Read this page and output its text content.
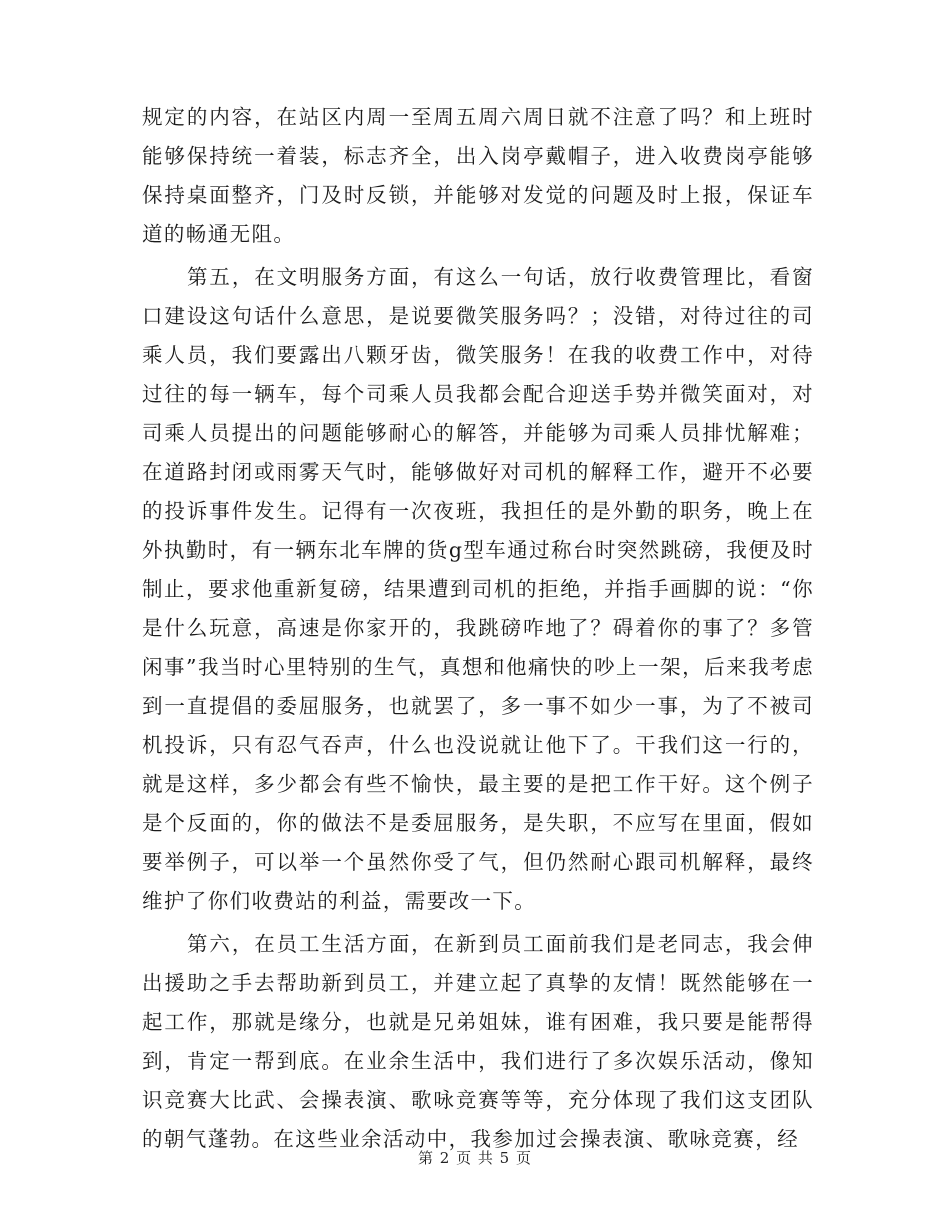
规定的内容，在站区内周一至周五周六周日就不注意了吗？和上班时能够保持统一着装，标志齐全，出入岗亭戴帽子，进入收费岗亭能够保持桌面整齐，门及时反锁，并能够对发觉的问题及时上报，保证车道的畅通无阻。

第五，在文明服务方面，有这么一句话，放行收费管理比，看窗口建设这句话什么意思，是说要微笑服务吗？；没错，对待过往的司乘人员，我们要露出八颗牙齿，微笑服务！在我的收费工作中，对待过往的每一辆车，每个司乘人员我都会配合迎送手势并微笑面对，对司乘人员提出的问题能够耐心的解答，并能够为司乘人员排忧解难；在道路封闭或雨雾天气时，能够做好对司机的解释工作，避开不必要的投诉事件发生。记得有一次夜班，我担任的是外勤的职务，晚上在外执勤时，有一辆东北车牌的货g型车通过称台时突然跳磅，我便及时制止，要求他重新复磅，结果遭到司机的拒绝，并指手画脚的说：“你是什么玩意，高速是你家开的，我跳磅咋地了？碍着你的事了？多管闲事”我当时心里特别的生气，真想和他痛快的吵上一架，后来我考虑到一直提倡的委屈服务，也就罢了，多一事不如少一事，为了不被司机投诉，只有忍气吞声，什么也没说就让他下了。干我们这一行的，就是这样，多少都会有些不愉快，最主要的是把工作干好。这个例子是个反面的，你的做法不是委屈服务，是失职，不应写在里面，假如要举例子，可以举一个虽然你受了气，但仍然耐心跟司机解释，最终维护了你们收费站的利益，需要改一下。

第六，在员工生活方面，在新到员工面前我们是老同志，我会伸出援助之手去帮助新到员工，并建立起了真挚的友情！既然能够在一起工作，那就是缘分，也就是兄弟姐妹，谁有困难，我只要是能帮得到，肯定一帮到底。在业余生活中，我们进行了多次娱乐活动，像知识竞赛大比武、会操表演、歌咏竞赛等等，充分体现了我们这支团队的朝气蓬勃。在这些业余活动中，我参加过会操表演、歌咏竞赛，经

第 2 页 共 5 页
